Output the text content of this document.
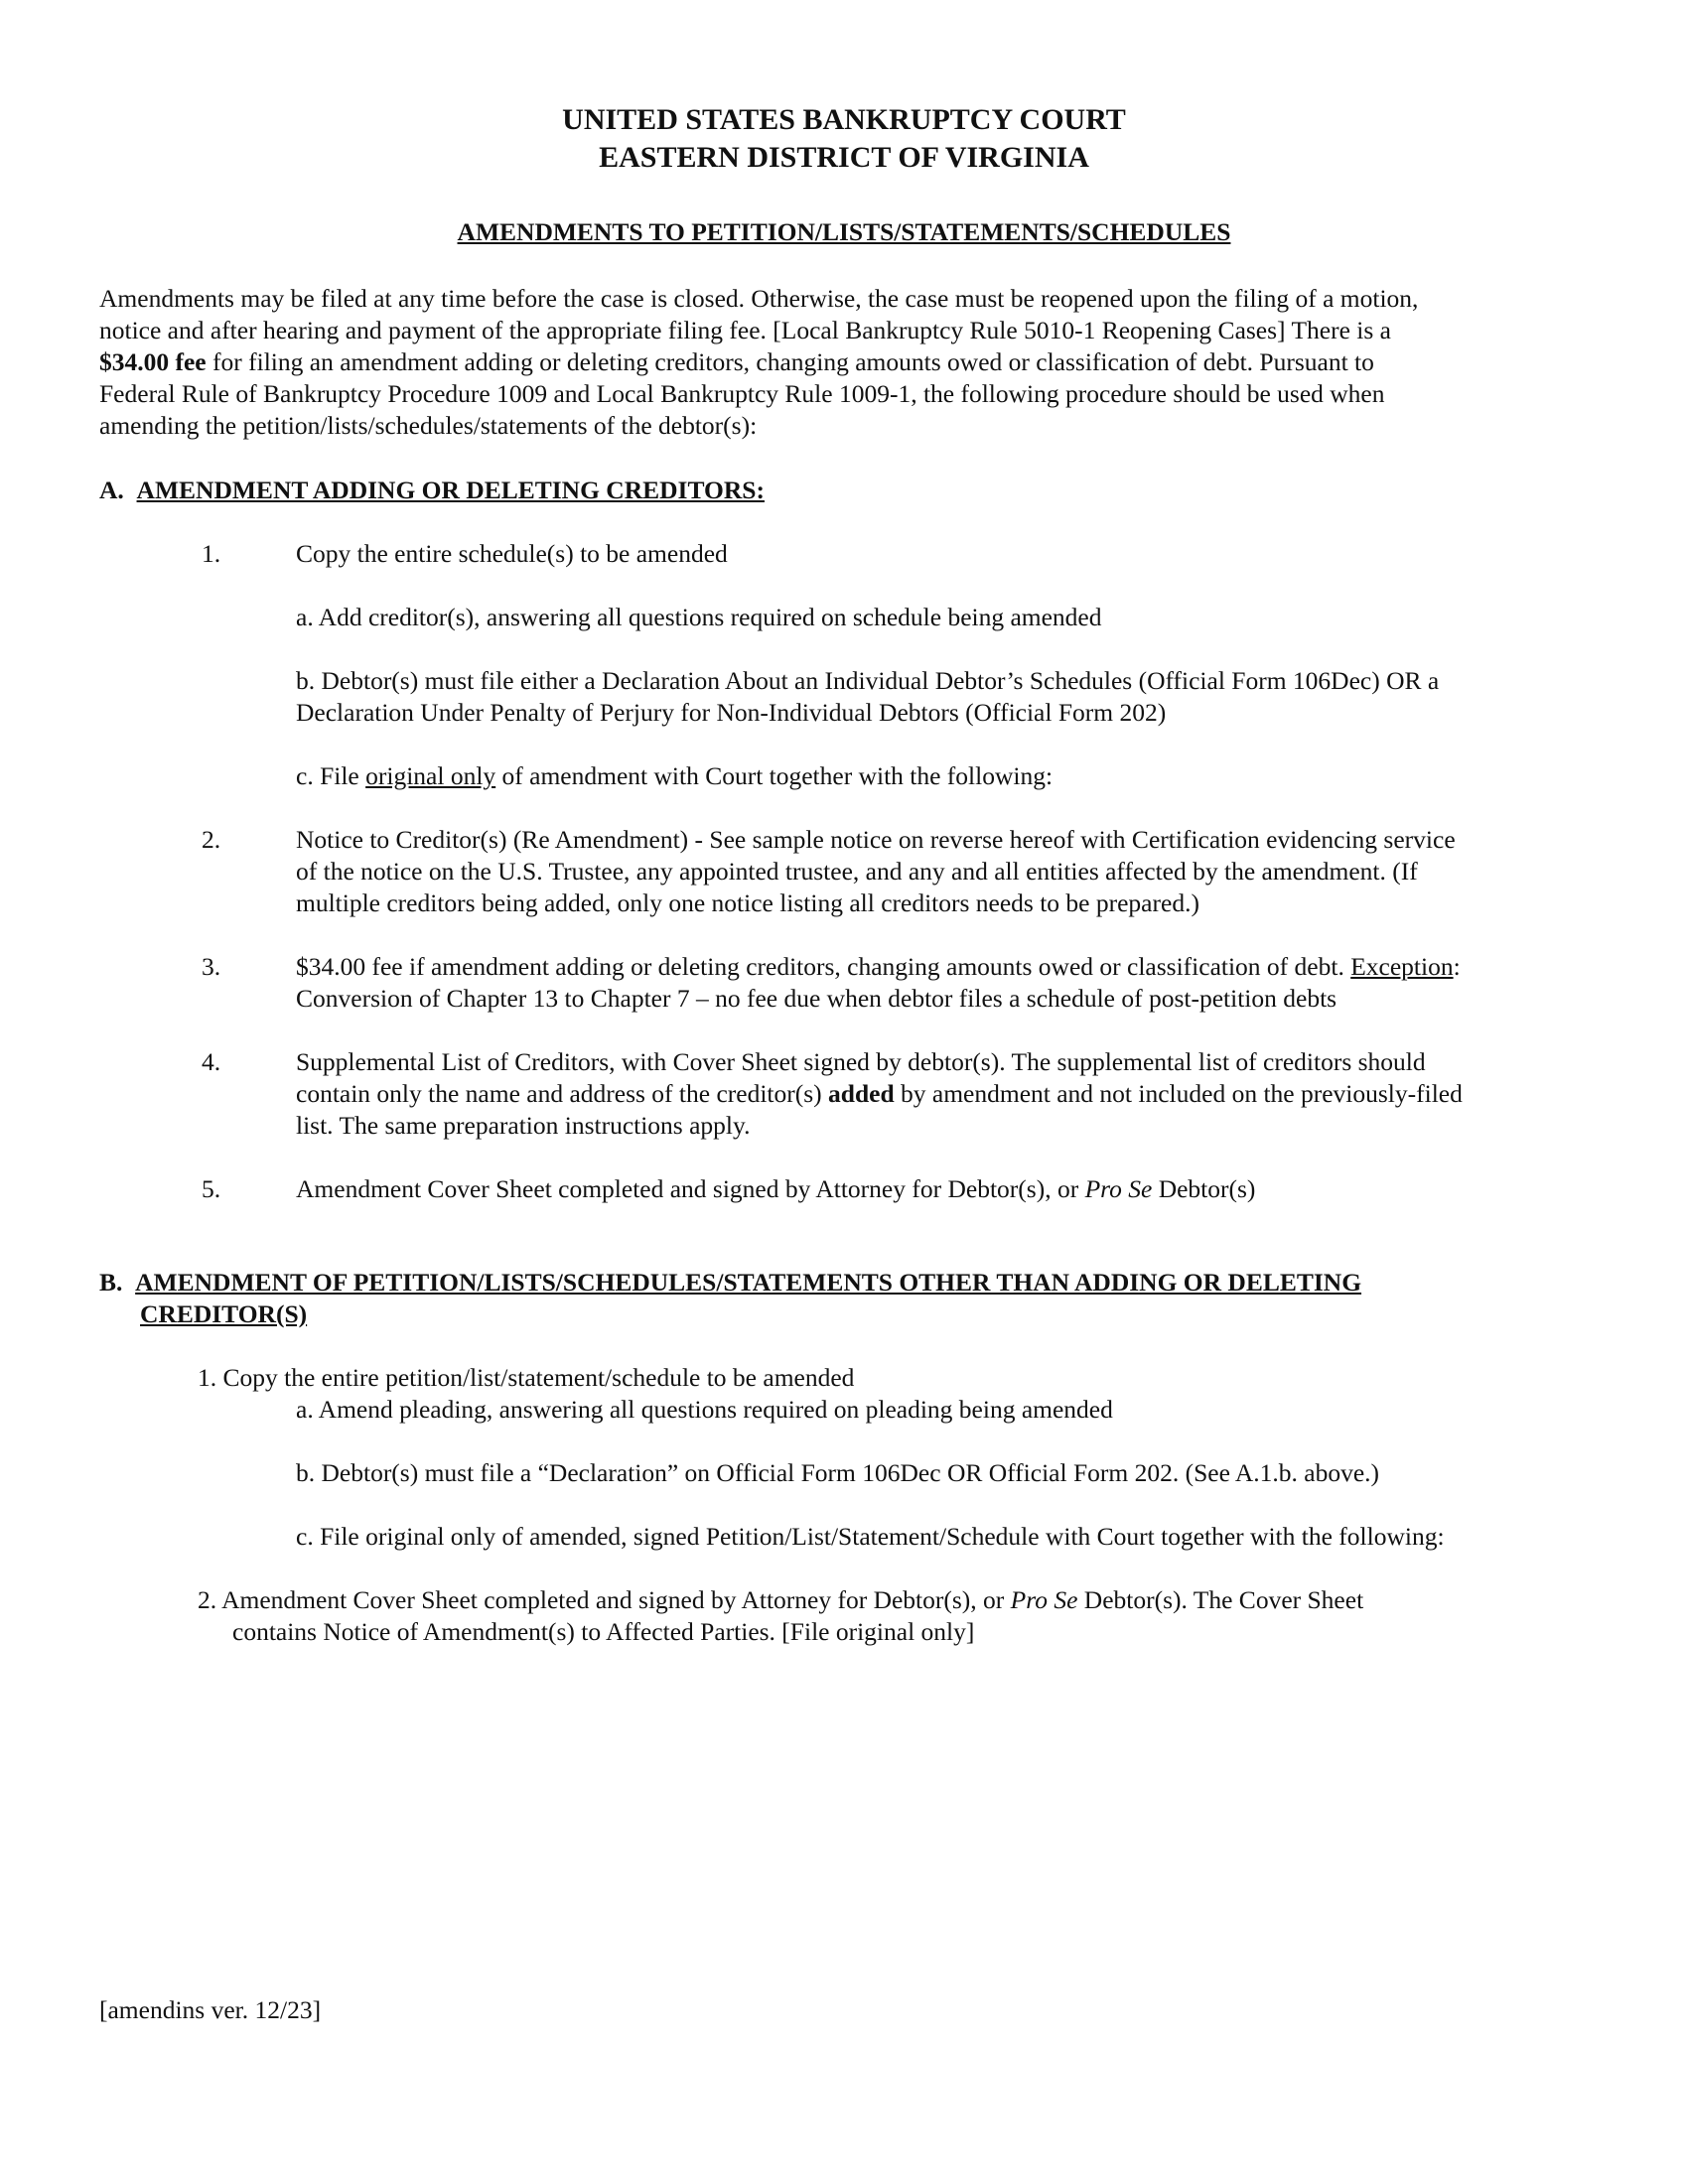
UNITED STATES BANKRUPTCY COURT
EASTERN DISTRICT OF VIRGINIA
AMENDMENTS TO PETITION/LISTS/STATEMENTS/SCHEDULES
Amendments may be filed at any time before the case is closed. Otherwise, the case must be reopened upon the filing of a motion,
notice and after hearing and payment of the appropriate filing fee. [Local Bankruptcy Rule 5010-1 Reopening Cases] There is a
$34.00 fee for filing an amendment adding or deleting creditors, changing amounts owed or classification of debt. Pursuant to
Federal Rule of Bankruptcy Procedure 1009 and Local Bankruptcy Rule 1009-1, the following procedure should be used when
amending the petition/lists/schedules/statements of the debtor(s):
A. AMENDMENT ADDING OR DELETING CREDITORS:
1.	Copy the entire schedule(s) to be amended
a. Add creditor(s), answering all questions required on schedule being amended
b. Debtor(s) must file either a Declaration About an Individual Debtor’s Schedules (Official Form 106Dec) OR a
Declaration Under Penalty of Perjury for Non-Individual Debtors (Official Form 202)
c. File original only of amendment with Court together with the following:
2.	Notice to Creditor(s) (Re Amendment) - See sample notice on reverse hereof with Certification evidencing service
of the notice on the U.S. Trustee, any appointed trustee, and any and all entities affected by the amendment. (If
multiple creditors being added, only one notice listing all creditors needs to be prepared.)
3.	$34.00 fee if amendment adding or deleting creditors, changing amounts owed or classification of debt. Exception:
Conversion of Chapter 13 to Chapter 7 – no fee due when debtor files a schedule of post-petition debts
4.	Supplemental List of Creditors, with Cover Sheet signed by debtor(s). The supplemental list of creditors should
contain only the name and address of the creditor(s) added by amendment and not included on the previously-filed
list. The same preparation instructions apply.
5.	Amendment Cover Sheet completed and signed by Attorney for Debtor(s), or Pro Se Debtor(s)
B. AMENDMENT OF PETITION/LISTS/SCHEDULES/STATEMENTS OTHER THAN ADDING OR DELETING
CREDITOR(S)
1. Copy the entire petition/list/statement/schedule to be amended
a. Amend pleading, answering all questions required on pleading being amended
b. Debtor(s) must file a “Declaration” on Official Form 106Dec OR Official Form 202. (See A.1.b. above.)
c. File original only of amended, signed Petition/List/Statement/Schedule with Court together with the following:
2. Amendment Cover Sheet completed and signed by Attorney for Debtor(s), or Pro Se Debtor(s). The Cover Sheet
contains Notice of Amendment(s) to Affected Parties. [File original only]
[amendins ver. 12/23]
